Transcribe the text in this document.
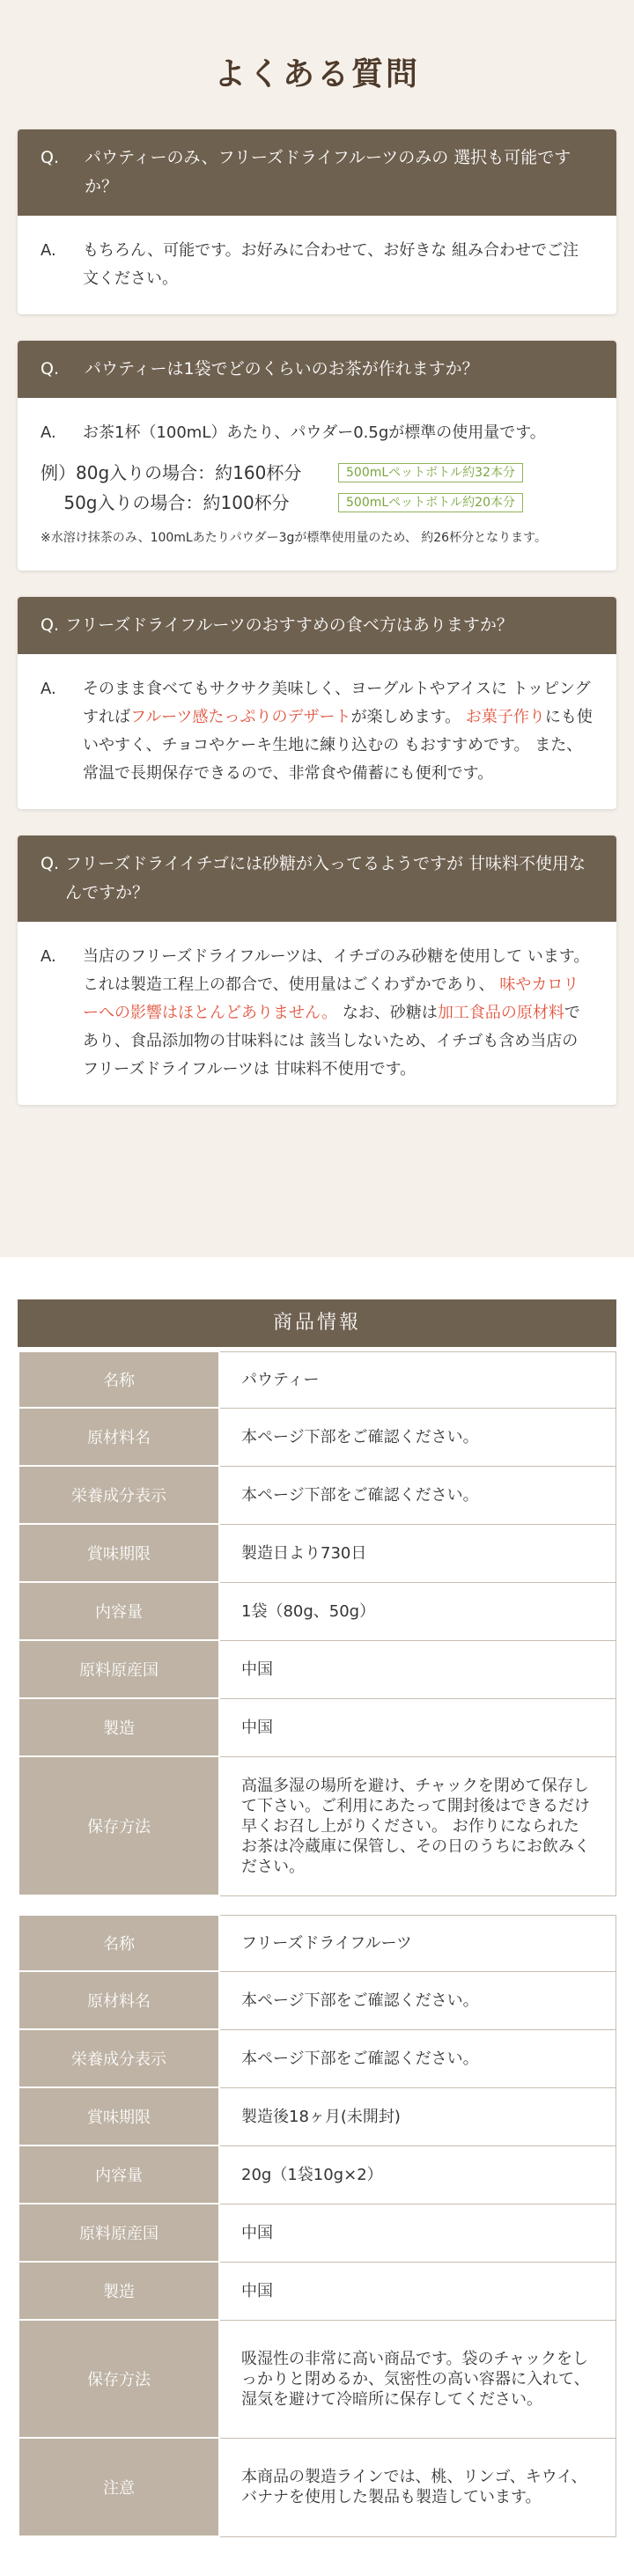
よくある質問
Q.	パウティーのみ、フリーズドライフルーツのみの 選択も可能ですか？
A.	もちろん、可能です。お好みに合わせて、お好きな 組み合わせでご注文ください。

Q.	パウティーは1袋でどのくらいのお茶が作れますか？
A.	お茶1杯（100mL）あたり、パウダー0.5gが標準の使用量です。

例）80g入りの場合：約160杯分	500mLペットボトル約32本分
　 50g入りの場合：約100杯分	500mLペットボトル約20本分

※水溶け抹茶のみ、100mLあたりパウダー3gが標準使用量のため、 約26杯分となります。

Q. フリーズドライフルーツのおすすめの食べ方はありますか？
A.	そのまま食べてもサクサク美味しく、ヨーグルトやアイスに トッピングすればフルーツ感たっぷりのデザートが楽しめます。 お菓子作りにも使いやすく、チョコやケーキ生地に練り込むの もおすすめです。 また、常温で長期保存できるので、非常食や備蓄にも便利です。

Q. フリーズドライイチゴには砂糖が入ってるようですが 甘味料不使用なんですか？
A.	当店のフリーズドライフルーツは、イチゴのみ砂糖を使用して います。これは製造工程上の都合で、使用量はごくわずかであり、 味やカロリーへの影響はほとんどありません。 なお、砂糖は加工食品の原材料であり、食品添加物の甘味料には 該当しないため、イチゴも含め当店のフリーズドライフルーツは 甘味料不使用です。

商品情報
名称	パウティー
原材料名	本ページ下部をご確認ください。
栄養成分表示	本ページ下部をご確認ください。
賞味期限	製造日より730日
内容量	1袋（80g、50g）
原料原産国	中国
製造	中国
保存方法	高温多湿の場所を避け、チャックを閉めて保存して下さい。ご利用にあたって開封後はできるだけ早くお召し上がりください。 お作りになられたお茶は冷蔵庫に保管し、その日のうちにお飲みください。
名称	フリーズドライフルーツ
原材料名	本ページ下部をご確認ください。
栄養成分表示	本ページ下部をご確認ください。
賞味期限	製造後18ヶ月(未開封)
内容量	20g（1袋10g×2）
原料原産国	中国
製造	中国
保存方法	吸湿性の非常に高い商品です。袋のチャックをしっかりと閉めるか、気密性の高い容器に入れて、湿気を避けて冷暗所に保存してください。
注意	本商品の製造ラインでは、桃、リンゴ、キウイ、バナナを使用した製品も製造しています。
